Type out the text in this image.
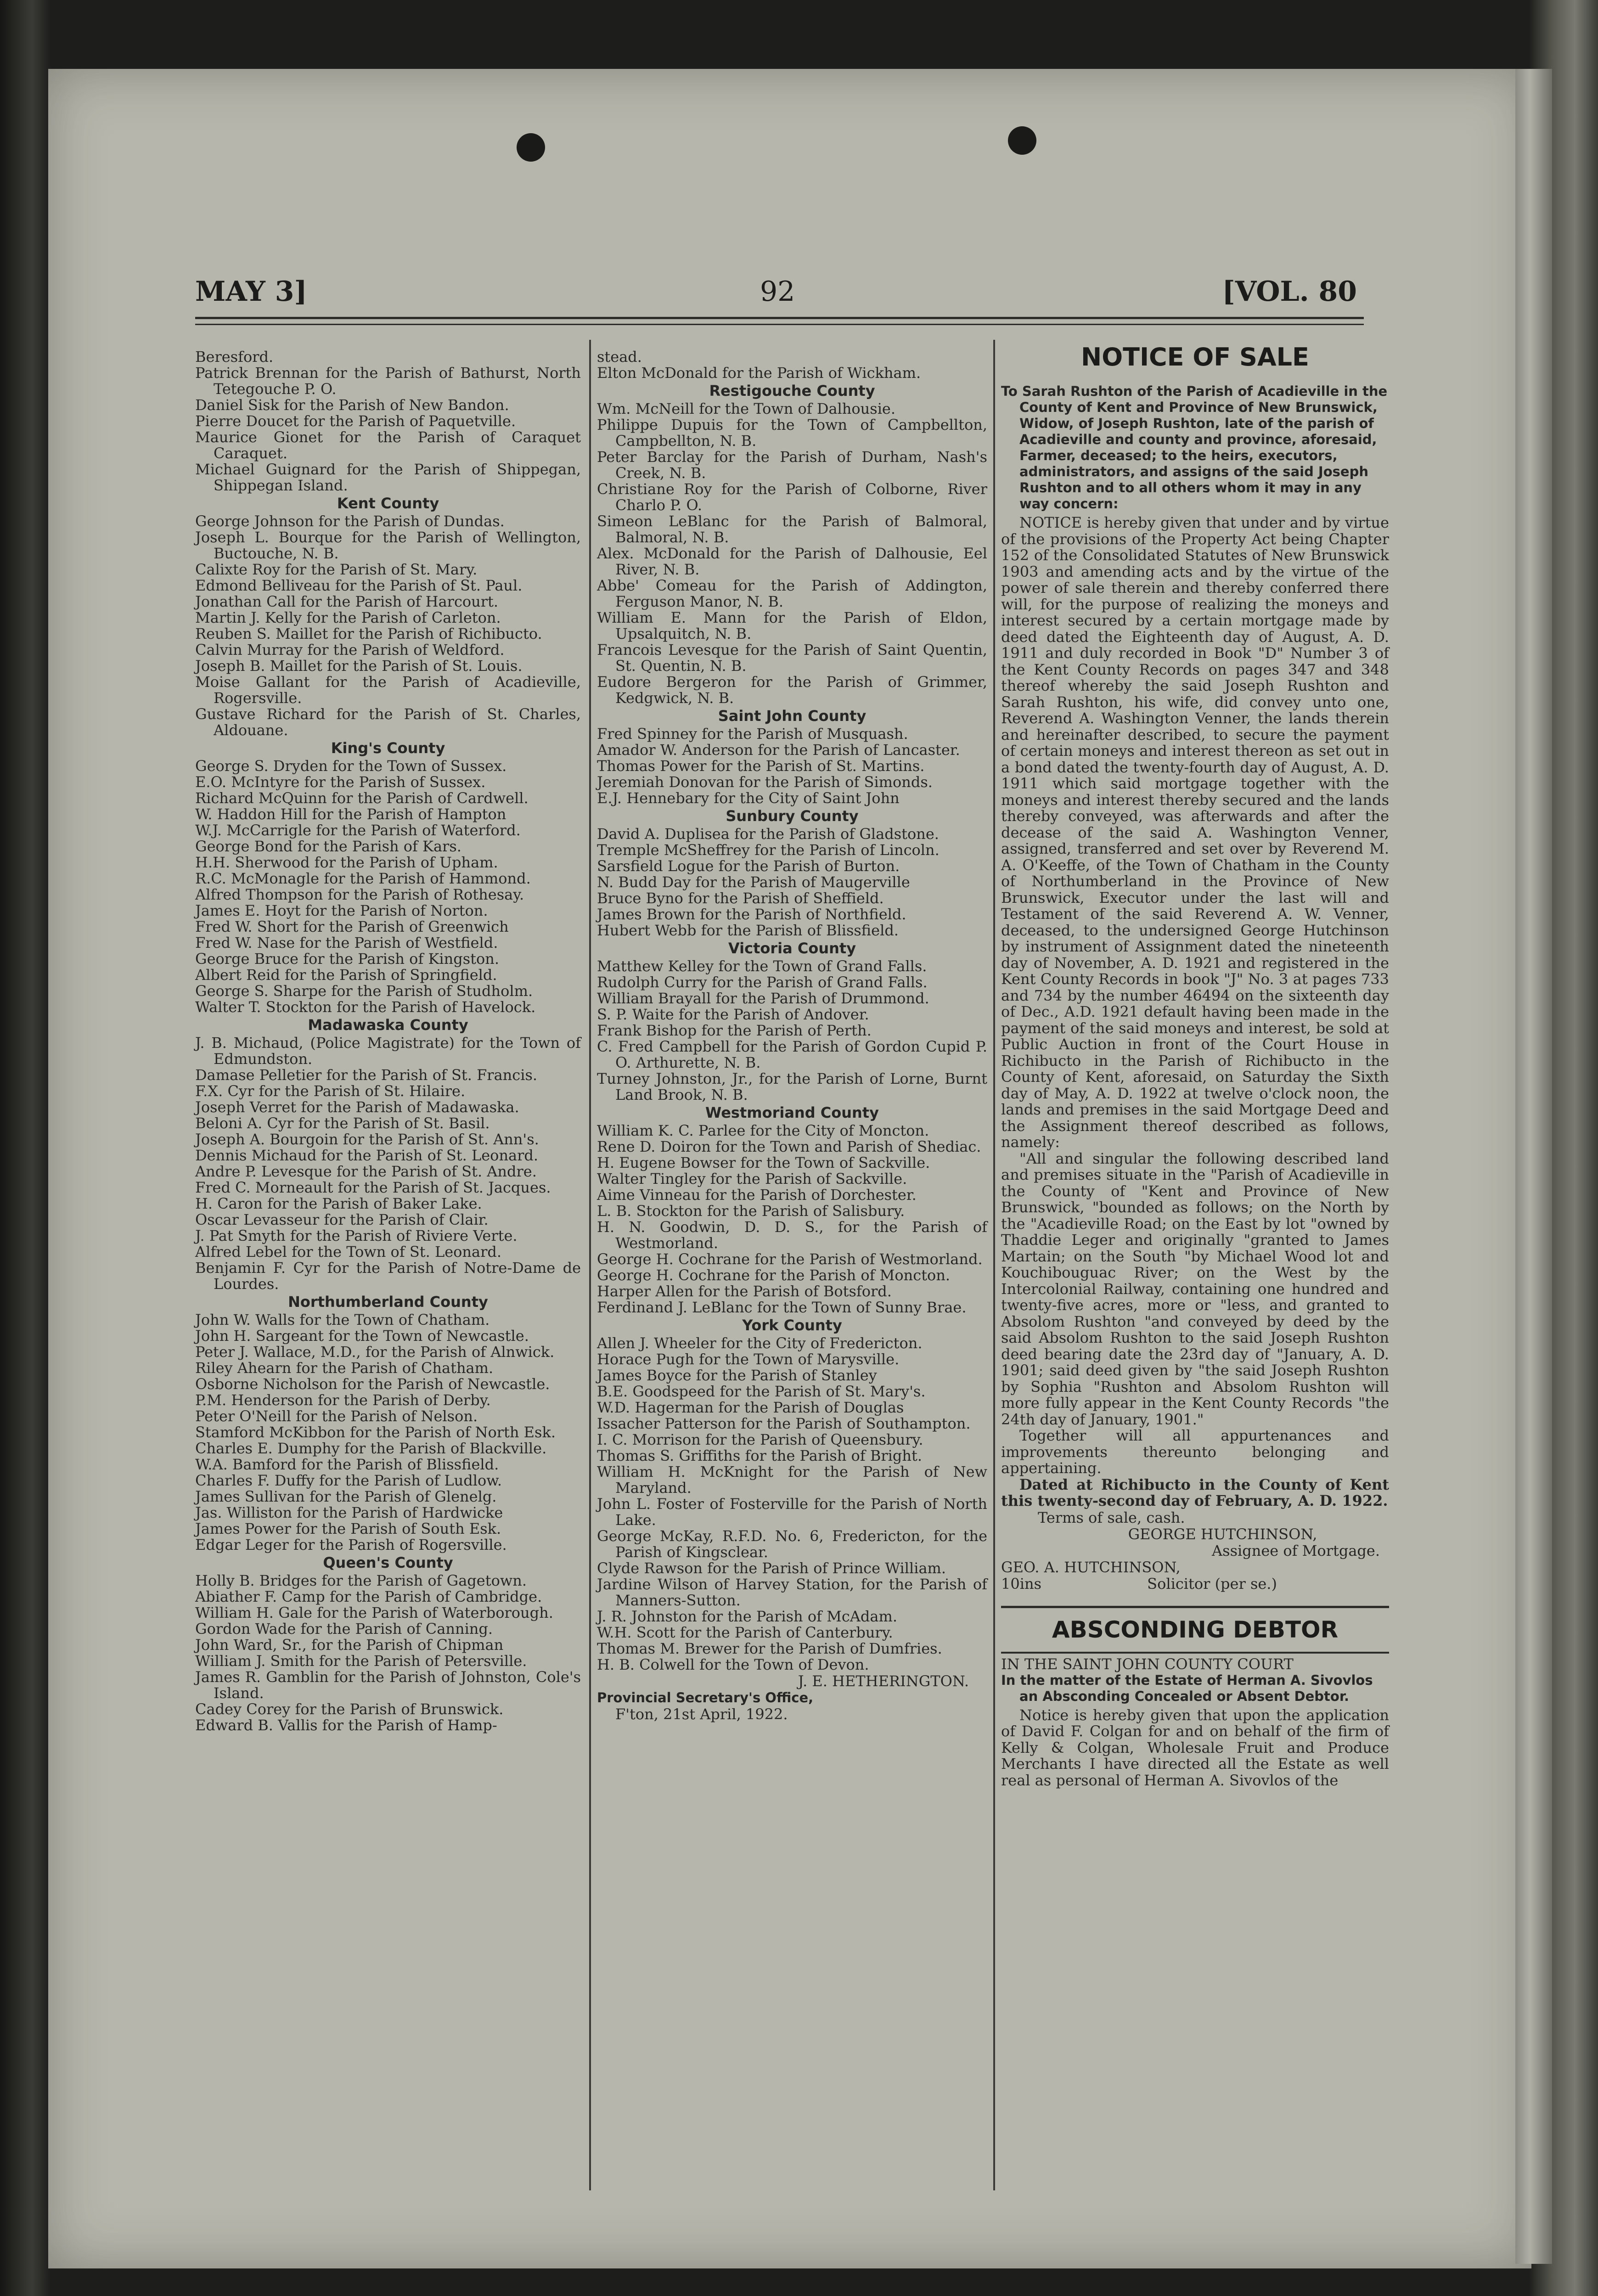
MAY 3]	92	[VOL. 80

Beresford.

Patrick Brennan for the Parish of Bathurst, North Tetegouche P. O.

Daniel Sisk for the Parish of New Bandon.

Pierre Doucet for the Parish of Paquetville.

Maurice Gionet for the Parish of Caraquet Caraquet.

Michael Guignard for the Parish of Shippegan, Shippegan Island.

Kent County

George Johnson for the Parish of Dundas.

Joseph L. Bourque for the Parish of Wellington, Buctouche, N. B.

Calixte Roy for the Parish of St. Mary.

Edmond Belliveau for the Parish of St. Paul.

Jonathan Call for the Parish of Harcourt.

Martin J. Kelly for the Parish of Carleton.

Reuben S. Maillet for the Parish of Richibucto.

Calvin Murray for the Parish of Weldford.

Joseph B. Maillet for the Parish of St. Louis.

Moise Gallant for the Parish of Acadieville, Rogersville.

Gustave Richard for the Parish of St. Charles, Aldouane.

King's County

George S. Dryden for the Town of Sussex.

E.O. McIntyre for the Parish of Sussex.

Richard McQuinn for the Parish of Cardwell.

W. Haddon Hill for the Parish of Hampton

W.J. McCarrigle for the Parish of Waterford.

George Bond for the Parish of Kars.

H.H. Sherwood for the Parish of Upham.

R.C. McMonagle for the Parish of Hammond.

Alfred Thompson for the Parish of Rothesay.

James E. Hoyt for the Parish of Norton.

Fred W. Short for the Parish of Greenwich

Fred W. Nase for the Parish of Westfield.

George Bruce for the Parish of Kingston.

Albert Reid for the Parish of Springfield.

George S. Sharpe for the Parish of Studholm.

Walter T. Stockton for the Parish of Havelock.

Madawaska County

J. B. Michaud, (Police Magistrate) for the Town of Edmundston.

Damase Pelletier for the Parish of St. Francis.

F.X. Cyr for the Parish of St. Hilaire.

Joseph Verret for the Parish of Madawaska.

Beloni A. Cyr for the Parish of St. Basil.

Joseph A. Bourgoin for the Parish of St. Ann's.

Dennis Michaud for the Parish of St. Leonard.

Andre P. Levesque for the Parish of St. Andre.

Fred C. Morneault for the Parish of St. Jacques.

H. Caron for the Parish of Baker Lake.

Oscar Levasseur for the Parish of Clair.

J. Pat Smyth for the Parish of Riviere Verte.

Alfred Lebel for the Town of St. Leonard.

Benjamin F. Cyr for the Parish of Notre-Dame de Lourdes.

Northumberland County

John W. Walls for the Town of Chatham.

John H. Sargeant for the Town of Newcastle.

Peter J. Wallace, M.D., for the Parish of Alnwick.

Riley Ahearn for the Parish of Chatham.

Osborne Nicholson for the Parish of Newcastle.

P.M. Henderson for the Parish of Derby.

Peter O'Neill for the Parish of Nelson.

Stamford McKibbon for the Parish of North Esk.

Charles E. Dumphy for the Parish of Blackville.

W.A. Bamford for the Parish of Blissfield.

Charles F. Duffy for the Parish of Ludlow.

James Sullivan for the Parish of Glenelg.

Jas. Williston for the Parish of Hardwicke

James Power for the Parish of South Esk.

Edgar Leger for the Parish of Rogersville.

Queen's County

Holly B. Bridges for the Parish of Gagetown.

Abiather F. Camp for the Parish of Cambridge.

William H. Gale for the Parish of Waterborough.

Gordon Wade for the Parish of Canning.

John Ward, Sr., for the Parish of Chipman

William J. Smith for the Parish of Petersville.

James R. Gamblin for the Parish of Johnston, Cole's Island.

Cadey Corey for the Parish of Brunswick.

Edward B. Vallis for the Parish of Hamp-

stead.

Elton McDonald for the Parish of Wickham.

Restigouche County

Wm. McNeill for the Town of Dalhousie.

Philippe Dupuis for the Town of Campbellton, Campbellton, N. B.

Peter Barclay for the Parish of Durham, Nash's Creek, N. B.

Christiane Roy for the Parish of Colborne, River Charlo P. O.

Simeon LeBlanc for the Parish of Balmoral, Balmoral, N. B.

Alex. McDonald for the Parish of Dalhousie, Eel River, N. B.

Abbe' Comeau for the Parish of Addington, Ferguson Manor, N. B.

William E. Mann for the Parish of Eldon, Upsalquitch, N. B.

Francois Levesque for the Parish of Saint Quentin, St. Quentin, N. B.

Eudore Bergeron for the Parish of Grimmer, Kedgwick, N. B.

Saint John County

Fred Spinney for the Parish of Musquash.

Amador W. Anderson for the Parish of Lancaster.

Thomas Power for the Parish of St. Martins.

Jeremiah Donovan for the Parish of Simonds.

E.J. Hennebary for the City of Saint John

Sunbury County

David A. Duplisea for the Parish of Gladstone.

Tremple McSheffrey for the Parish of Lincoln.

Sarsfield Logue for the Parish of Burton.

N. Budd Day for the Parish of Maugerville

Bruce Byno for the Parish of Sheffield.

James Brown for the Parish of Northfield.

Hubert Webb for the Parish of Blissfield.

Victoria County

Matthew Kelley for the Town of Grand Falls.

Rudolph Curry for the Parish of Grand Falls.

William Brayall for the Parish of Drummond.

S. P. Waite for the Parish of Andover.

Frank Bishop for the Parish of Perth.

C. Fred Campbell for the Parish of Gordon Cupid P. O. Arthurette, N. B.

Turney Johnston, Jr., for the Parish of Lorne, Burnt Land Brook, N. B.

Westmoriand County

William K. C. Parlee for the City of Moncton.

Rene D. Doiron for the Town and Parish of Shediac.

H. Eugene Bowser for the Town of Sackville.

Walter Tingley for the Parish of Sackville.

Aime Vinneau for the Parish of Dorchester.

L. B. Stockton for the Parish of Salisbury.

H. N. Goodwin, D. D. S., for the Parish of Westmorland.

George H. Cochrane for the Parish of Westmorland.

George H. Cochrane for the Parish of Moncton.

Harper Allen for the Parish of Botsford.

Ferdinand J. LeBlanc for the Town of Sunny Brae.

York County

Allen J. Wheeler for the City of Fredericton.

Horace Pugh for the Town of Marysville.

James Boyce for the Parish of Stanley

B.E. Goodspeed for the Parish of St. Mary's.

W.D. Hagerman for the Parish of Douglas

Issacher Patterson for the Parish of Southampton.

I. C. Morrison for the Parish of Queensbury.

Thomas S. Griffiths for the Parish of Bright.

William H. McKnight for the Parish of New Maryland.

John L. Foster of Fosterville for the Parish of North Lake.

George McKay, R.F.D. No. 6, Fredericton, for the Parish of Kingsclear.

Clyde Rawson for the Parish of Prince William.

Jardine Wilson of Harvey Station, for the Parish of Manners-Sutton.

J. R. Johnston for the Parish of McAdam.

W.H. Scott for the Parish of Canterbury.

Thomas M. Brewer for the Parish of Dumfries.

H. B. Colwell for the Town of Devon.

J. E. HETHERINGTON.

Provincial Secretary's Office,

F'ton, 21st April, 1922.

NOTICE OF SALE

To Sarah Rushton of the Parish of Acadieville in the County of Kent and Province of New Brunswick, Widow, of Joseph Rushton, late of the parish of Acadieville and county and province, aforesaid, Farmer, deceased; to the heirs, executors, administrators, and assigns of the said Joseph Rushton and to all others whom it may in any way concern:

NOTICE is hereby given that under and by virtue of the provisions of the Property Act being Chapter 152 of the Consolidated Statutes of New Brunswick 1903 and amending acts and by the virtue of the power of sale therein and thereby conferred there will, for the purpose of realizing the moneys and interest secured by a certain mortgage made by deed dated the Eighteenth day of August, A. D. 1911 and duly recorded in Book "D" Number 3 of the Kent County Records on pages 347 and 348 thereof whereby the said Joseph Rushton and Sarah Rushton, his wife, did convey unto one, Reverend A. Washington Venner, the lands therein and hereinafter described, to secure the payment of certain moneys and interest thereon as set out in a bond dated the twenty-fourth day of August, A. D. 1911 which said mortgage together with the moneys and interest thereby secured and the lands thereby conveyed, was afterwards and after the decease of the said A. Washington Venner, assigned, transferred and set over by Reverend M. A. O'Keeffe, of the Town of Chatham in the County of Northumberland in the Province of New Brunswick, Executor under the last will and Testament of the said Reverend A. W. Venner, deceased, to the undersigned George Hutchinson by instrument of Assignment dated the nineteenth day of November, A. D. 1921 and registered in the Kent County Records in book "J" No. 3 at pages 733 and 734 by the number 46494 on the sixteenth day of Dec., A.D. 1921 default having been made in the payment of the said moneys and interest, be sold at Public Auction in front of the Court House in Richibucto in the Parish of Richibucto in the County of Kent, aforesaid, on Saturday the Sixth day of May, A. D. 1922 at twelve o'clock noon, the lands and premises in the said Mortgage Deed and the Assignment thereof described as follows, namely:

"All and singular the following described land and premises situate in the "Parish of Acadieville in the County of "Kent and Province of New Brunswick, "bounded as follows; on the North by the "Acadieville Road; on the East by lot "owned by Thaddie Leger and originally "granted to James Martain; on the South "by Michael Wood lot and Kouchibouguac River; on the West by the Intercolonial Railway, containing one hundred and twenty-five acres, more or "less, and granted to Absolom Rushton "and conveyed by deed by the said Absolom Rushton to the said Joseph Rushton deed bearing date the 23rd day of "January, A. D. 1901; said deed given by "the said Joseph Rushton by Sophia "Rushton and Absolom Rushton will more fully appear in the Kent County Records "the 24th day of January, 1901."

Together will all appurtenances and improvements thereunto belonging and appertaining.

Dated at Richibucto in the County of Kent this twenty-second day of February, A. D. 1922.

Terms of sale, cash.

GEORGE HUTCHINSON,

Assignee of Mortgage.

GEO. A. HUTCHINSON,

10ins	Solicitor (per se.)

ABSCONDING DEBTOR

IN THE SAINT JOHN COUNTY COURT

In the matter of the Estate of Herman A. Sivovlos an Absconding Concealed or Absent Debtor.

Notice is hereby given that upon the application of David F. Colgan for and on behalf of the firm of Kelly & Colgan, Wholesale Fruit and Produce Merchants I have directed all the Estate as well real as personal of Herman A. Sivovlos of the
